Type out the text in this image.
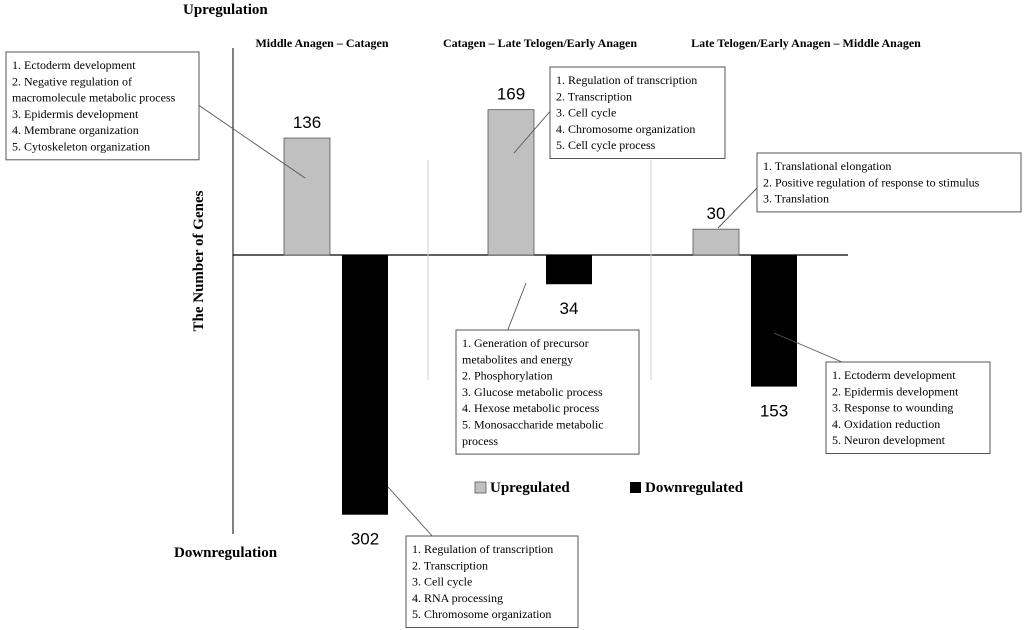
Upregulation
Downregulation
The Number of Genes
Middle Anagen – Catagen	Catagen – Late Telogen/Early Anagen	Late Telogen/Early Anagen – Middle Anagen
136
169
30
302
34
153
1. Ectoderm development
2. Negative regulation of
macromolecule metabolic process
3. Epidermis development
4. Membrane organization
5. Cytoskeleton organization
1. Regulation of transcription
2. Transcription
3. Cell cycle
4. Chromosome organization
5. Cell cycle process
1. Translational elongation
2. Positive regulation of response to stimulus
3. Translation
1. Regulation of transcription
2. Transcription
3. Cell cycle
4. RNA processing
5. Chromosome organization
1. Generation of precursor
metabolites and energy
2. Phosphorylation
3. Glucose metabolic process
4. Hexose metabolic process
5. Monosaccharide metabolic
process
1. Ectoderm development
2. Epidermis development
3. Response to wounding
4. Oxidation reduction
5. Neuron development
Upregulated	Downregulated
